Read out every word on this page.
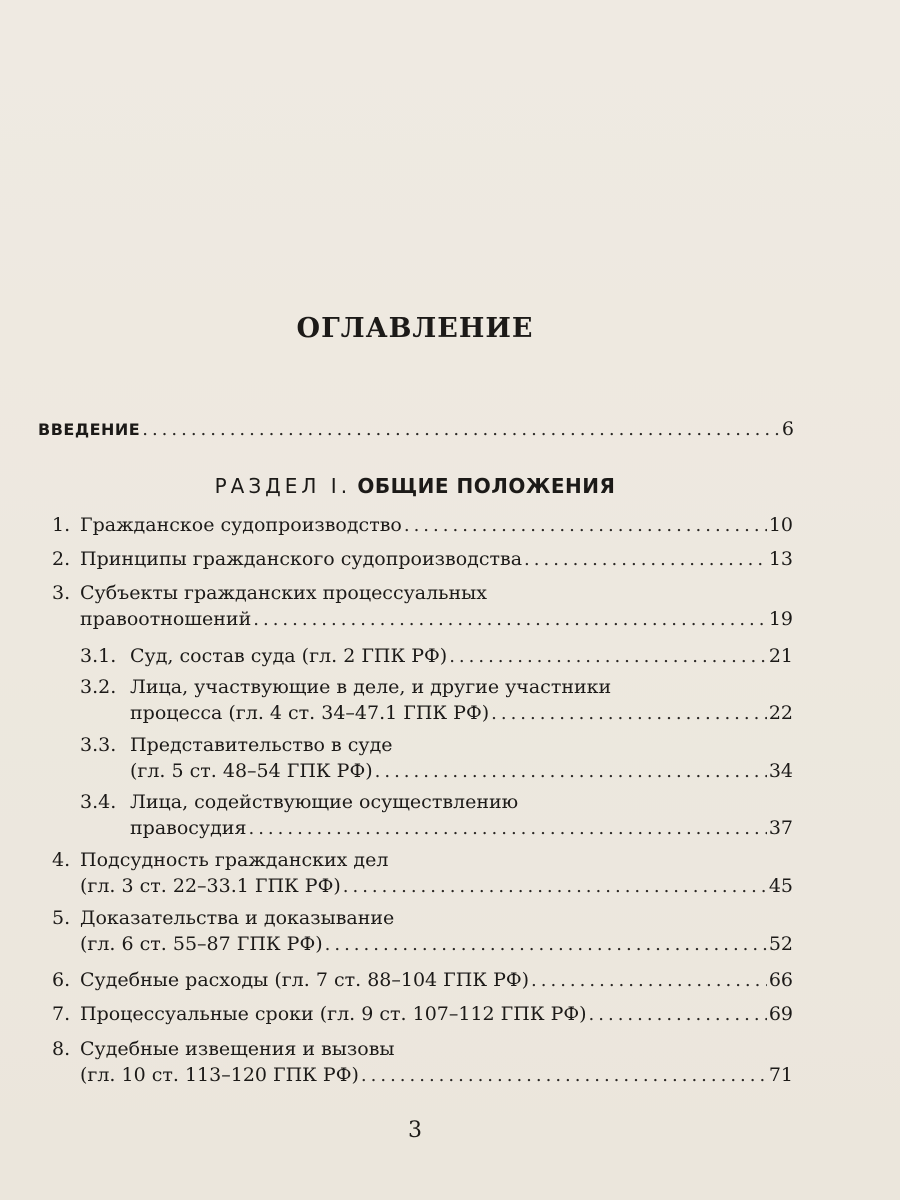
ОГЛАВЛЕНИЕ
ВВЕДЕНИЕ .....	6
РАЗДЕЛ I. ОБЩИЕ ПОЛОЖЕНИЯ
1. Гражданское судопроизводство .....	10
2. Принципы гражданского судопроизводства .....	13
3. Субъекты гражданских процессуальных
правоотношений .....	19
3.1. Суд, состав суда (гл. 2 ГПК РФ) .....	21
3.2. Лица, участвующие в деле, и другие участники
процесса (гл. 4 ст. 34–47.1 ГПК РФ) .....	22
3.3. Представительство в суде
(гл. 5 ст. 48–54 ГПК РФ) .....	34
3.4. Лица, содействующие осуществлению
правосудия .....	37
4. Подсудность гражданских дел
(гл. 3 ст. 22–33.1 ГПК РФ) .....	45
5. Доказательства и доказывание
(гл. 6 ст. 55–87 ГПК РФ) .....	52
6. Судебные расходы (гл. 7 ст. 88–104 ГПК РФ) .....	66
7. Процессуальные сроки (гл. 9 ст. 107–112 ГПК РФ) .....	69
8. Судебные извещения и вызовы
(гл. 10 ст. 113–120 ГПК РФ) .....	71
3
